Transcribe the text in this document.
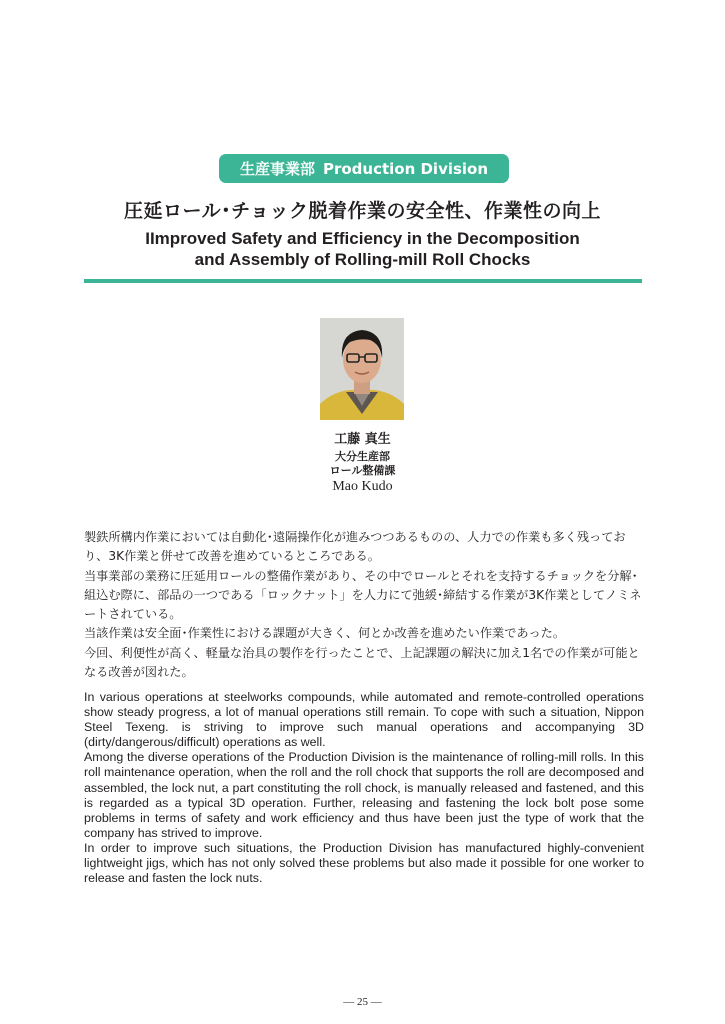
生産事業部 Production Division
圧延ロール･チョック脱着作業の安全性、作業性の向上
IImproved Safety and Efficiency in the Decomposition
and Assembly of Rolling-mill Roll Chocks
工藤 真生
大分生産部
ロール整備課
Mao Kudo

製鉄所構内作業においては自動化･遠隔操作化が進みつつあるものの、人力での作業も多く残っており、3K作業と併せて改善を進めているところである。

当事業部の業務に圧延用ロールの整備作業があり、その中でロールとそれを支持するチョックを分解･組込む際に、部品の一つである「ロックナット」を人力にて弛緩･締結する作業が3K作業としてノミネートされている。

当該作業は安全面･作業性における課題が大きく、何とか改善を進めたい作業であった。

今回、利便性が高く、軽量な治具の製作を行ったことで、上記課題の解決に加え1名での作業が可能となる改善が図れた。

In various operations at steelworks compounds, while automated and remote-controlled operations show steady progress, a lot of manual operations still remain. To cope with such a situation, Nippon Steel Texeng. is striving to improve such manual operations and accompanying 3D (dirty/dangerous/difficult) operations as well.

Among the diverse operations of the Production Division is the maintenance of rolling-mill rolls. In this roll maintenance operation, when the roll and the roll chock that supports the roll are decomposed and assembled, the lock nut, a part constituting the roll chock, is manually released and fastened, and this is regarded as a typical 3D operation. Further, releasing and fastening the lock bolt pose some problems in terms of safety and work efficiency and thus have been just the type of work that the company has strived to improve.

In order to improve such situations, the Production Division has manufactured highly-convenient lightweight jigs, which has not only solved these problems but also made it possible for one worker to release and fasten the lock nuts.

― 25 ―
